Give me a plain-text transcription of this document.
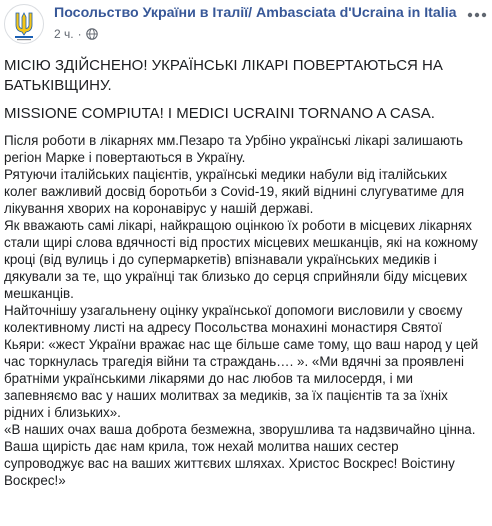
Посольство України в Італії/ Ambasciata d'Ucraina in Italia
2 ч. ·
МІСІЮ ЗДІЙСНЕНО! УКРАЇНСЬКІ ЛІКАРІ ПОВЕРТАЮТЬСЯ НА БАТЬКІВЩИНУ.
MISSIONE COMPIUTA! I MEDICI UCRAINI TORNANO A CASA.

Після роботи в лікарнях мм.Пезаро та Урбіно українські лікарі залишають регіон Марке і повертаються в Україну.

Рятуючи італійських пацієнтів, українські медики набули від італійських колег важливий досвід боротьби з Covid-19, який віднині слугуватиме для лікування хворих на коронавірус у нашій державі.

Як вважають самі лікарі, найкращою оцінкою їх роботи в місцевих лікарнях стали щирі слова вдячності від простих місцевих мешканців, які на кожному кроці (від вулиць і до супермаркетів) впізнавали українських медиків і дякували за те, що українці так близько до серця сприйняли біду місцевих мешканців.

Найточнішу узагальнену оцінку української допомоги висловили у своєму колективному листі на адресу Посольства монахині монастиря Святої Кьяри: «жест України вражає нас ще більше саме тому, що ваш народ у цей час торкнулась трагедія війни та страждань…. ». «Ми вдячні за проявлені братніми українськими лікарями до нас любов та милосердя, і ми запевняємо вас у наших молитвах за медиків, за їх пацієнтів та за їхніх рідних і близьких».

«В наших очах ваша доброта безмежна, зворушлива та надзвичайно цінна. Ваша щирість дає нам крила, тож нехай молитва наших сестер супроводжує вас на ваших життєвих шляхах. Христос Воскрес! Воістину Воскрес!»
